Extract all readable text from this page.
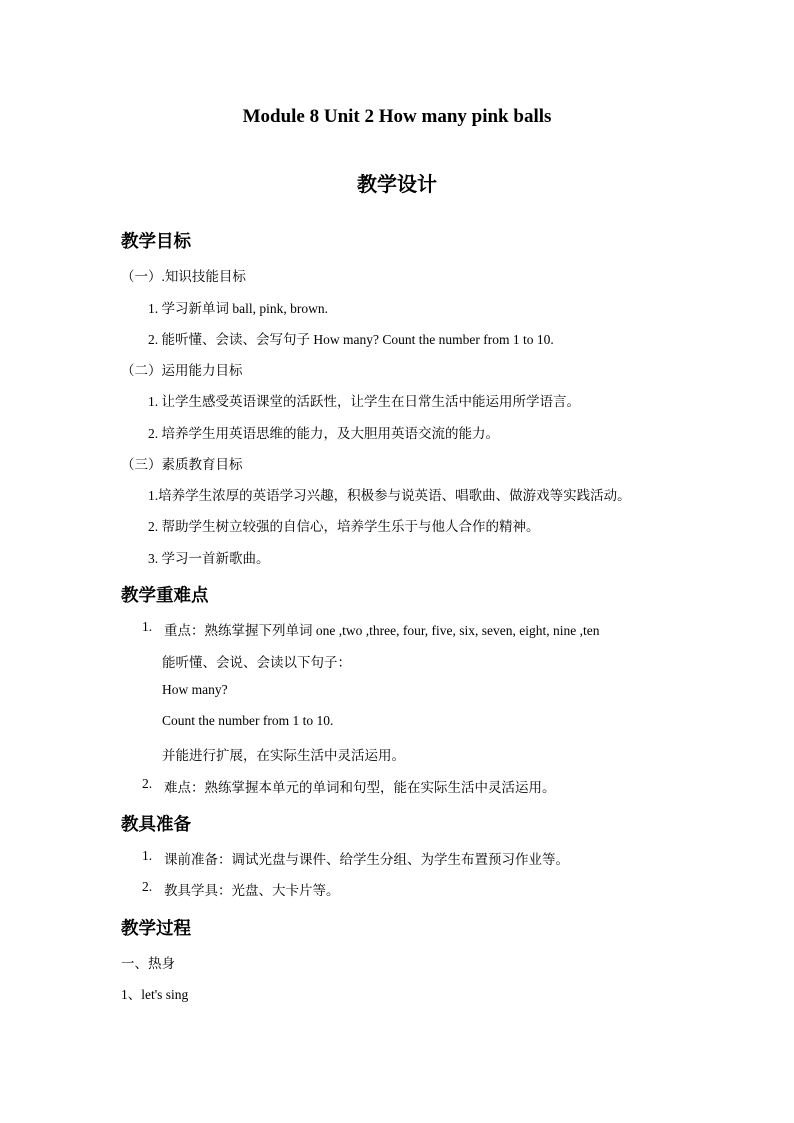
Module 8 Unit 2 How many pink balls
教学设计
教学目标
（一）.知识技能目标
1. 学习新单词 ball, pink, brown.
2. 能听懂、会读、会写句子 How many? Count the number from 1 to 10.
（二）运用能力目标
1. 让学生感受英语课堂的活跃性，让学生在日常生活中能运用所学语言。
2. 培养学生用英语思维的能力，及大胆用英语交流的能力。
（三）素质教育目标
1.培养学生浓厚的英语学习兴趣，积极参与说英语、唱歌曲、做游戏等实践活动。
2. 帮助学生树立较强的自信心，培养学生乐于与他人合作的精神。
3. 学习一首新歌曲。
教学重难点
1. 重点：熟练掌握下列单词 one ,two ,three, four, five, six, seven, eight, nine ,ten
能听懂、会说、会读以下句子：
How many?
Count the number from 1 to 10.
并能进行扩展，在实际生活中灵活运用。
2. 难点：熟练掌握本单元的单词和句型，能在实际生活中灵活运用。
教具准备
1. 课前准备：调试光盘与课件、给学生分组、为学生布置预习作业等。
2. 教具学具：光盘、大卡片等。
教学过程
一、热身
1、let's sing
